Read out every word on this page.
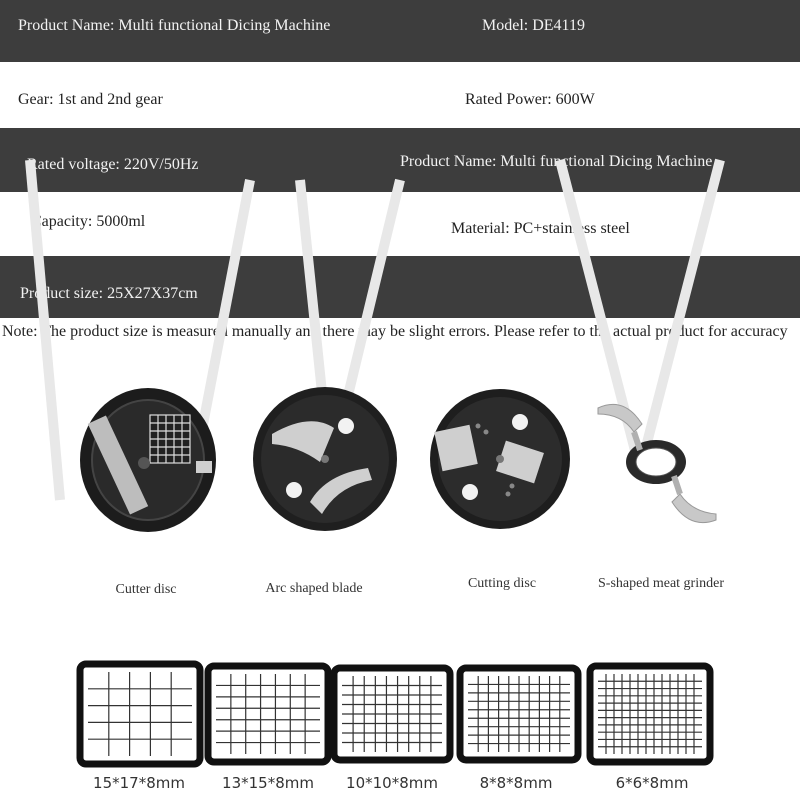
Product Name: Multi functional Dicing Machine	Model: DE4119
Gear: 1st and 2nd gear	Rated Power: 600W
Rated voltage: 220V/50Hz	Product Name: Multi functional Dicing Machine
Capacity: 5000ml	Material: PC+stainless steel
Product size: 25X27X37cm
Note: The product size is measured manually and there may be slight errors. Please refer to the actual product for accuracy
Cutter disc	Arc shaped blade	Cutting disc	S-shaped meat grinder
15*17*8mm 13*15*8mm 10*10*8mm	8*8*8mm	6*6*8mm
